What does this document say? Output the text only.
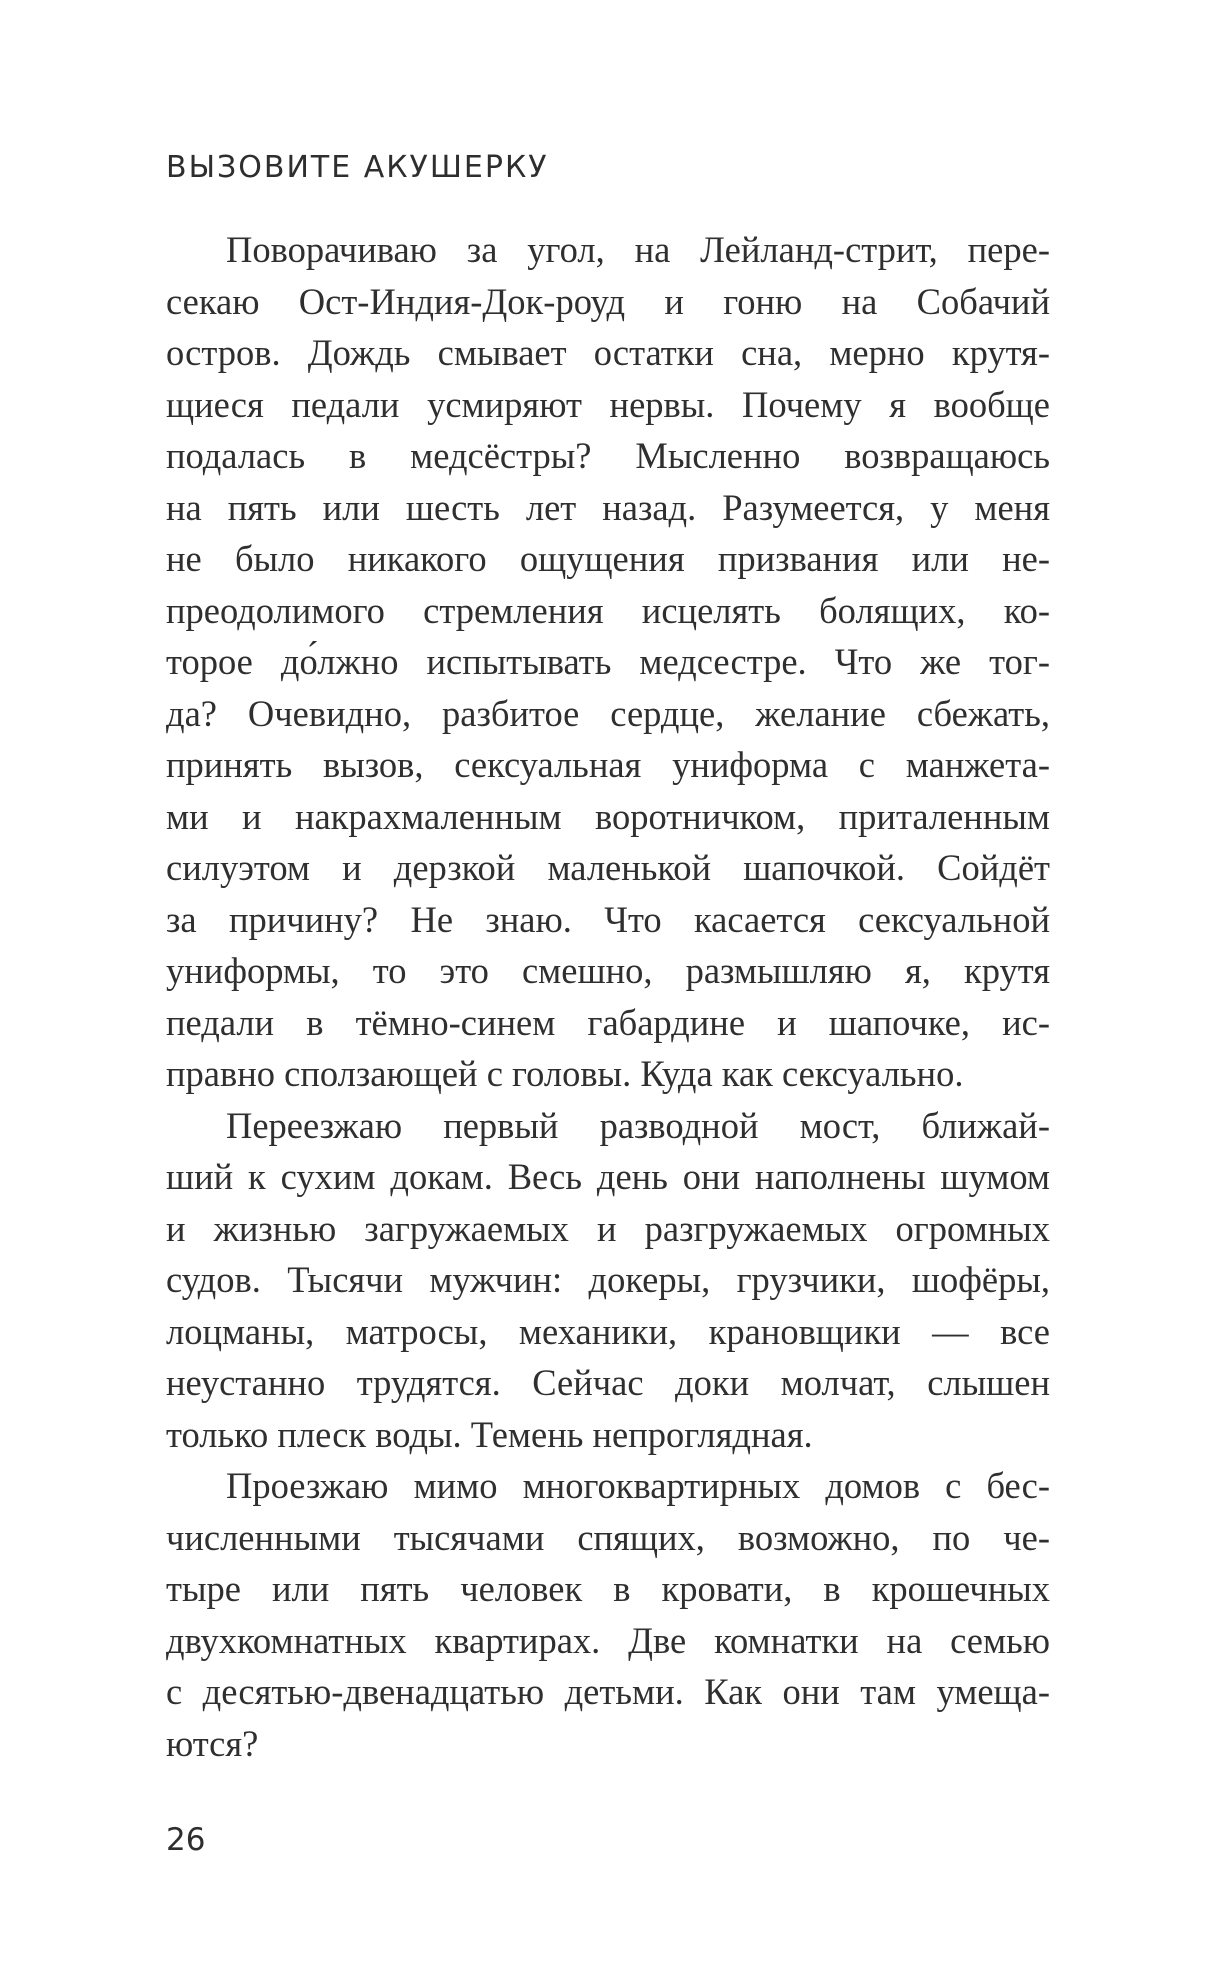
ВЫЗОВИТЕ АКУШЕРКУ
Поворачиваю за угол, на Лейланд-стрит, пере-
секаю Ост-Индия-Док-роуд и гоню на Собачий
остров. Дождь смывает остатки сна, мерно крутя-
щиеся педали усмиряют нервы. Почему я вообще
подалась в медсёстры? Мысленно возвращаюсь
на пять или шесть лет назад. Разумеется, у меня
не было никакого ощущения призвания или не-
преодолимого стремления исцелять болящих, ко-
торое до́лжно испытывать медсестре. Что же тог-
да? Очевидно, разбитое сердце, желание сбежать,
принять вызов, сексуальная униформа с манжета-
ми и накрахмаленным воротничком, приталенным
силуэтом и дерзкой маленькой шапочкой. Сойдёт
за причину? Не знаю. Что касается сексуальной
униформы, то это смешно, размышляю я, крутя
педали в тёмно-синем габардине и шапочке, ис-
правно сползающей с головы. Куда как сексуально.
Переезжаю первый разводной мост, ближай-
ший к сухим докам. Весь день они наполнены шумом
и жизнью загружаемых и разгружаемых огромных
судов. Тысячи мужчин: докеры, грузчики, шофёры,
лоцманы, матросы, механики, крановщики — все
неустанно трудятся. Сейчас доки молчат, слышен
только плеск воды. Темень непроглядная.
Проезжаю мимо многоквартирных домов с бес-
численными тысячами спящих, возможно, по че-
тыре или пять человек в кровати, в крошечных
двухкомнатных квартирах. Две комнатки на семью
с десятью-двенадцатью детьми. Как они там умеща-
ются?
26
